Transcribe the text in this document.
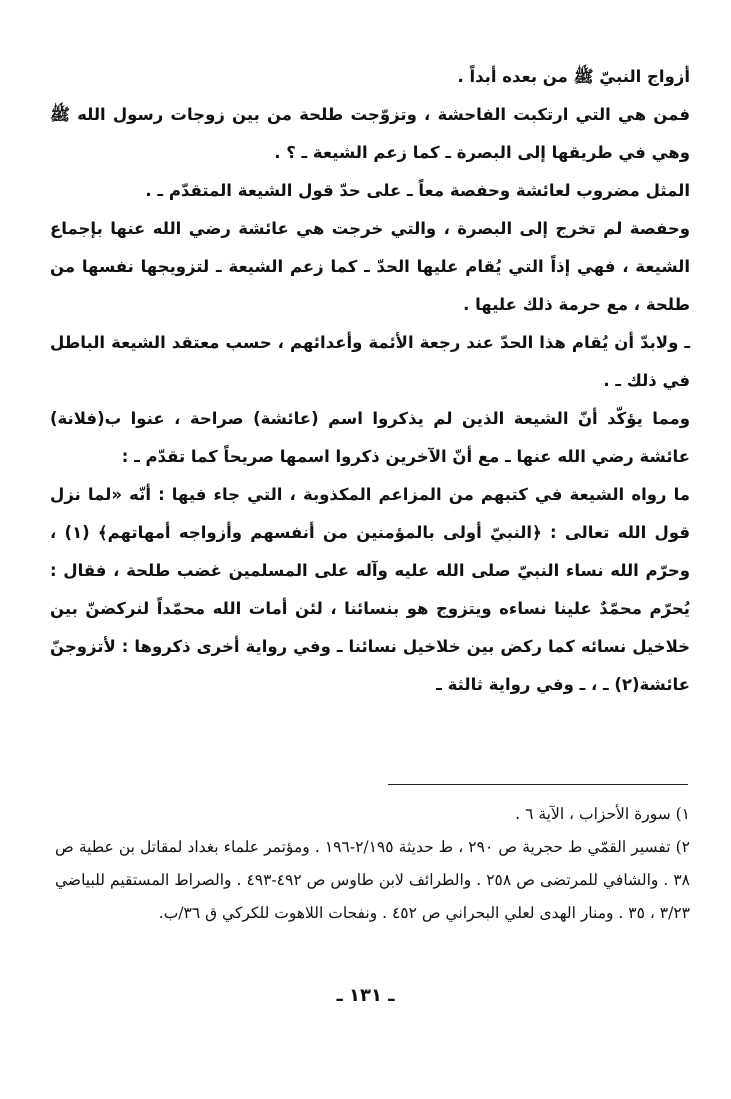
أزواج النبيّ ﷺ من بعده أبداً .

فمن هي التي ارتكبت الفاحشة ، وتزوّجت طلحة من بين زوجات رسول الله ﷺ وهي في طريقها إلى البصرة ـ كما زعم الشيعة ـ ؟ .

المثل مضروب لعائشة وحفصة معاً ـ على حدّ قول الشيعة المتقدّم ـ .

وحفصة لم تخرج إلى البصرة ، والتي خرجت هي عائشة رضي الله عنها بإجماع الشيعة ، فهي إذاً التي يُقام عليها الحدّ ـ كما زعم الشيعة ـ لتزويجها نفسها من طلحة ، مع حرمة ذلك عليها .

ـ ولابدّ أن يُقام هذا الحدّ عند رجعة الأئمة وأعدائهم ، حسب معتقد الشيعة الباطل في ذلك ـ .

ومما يؤكّد أنّ الشيعة الذين لم يذكروا اسم (عائشة) صراحة ، عنوا ب(فلانة) عائشة رضي الله عنها ـ مع أنّ الآخرين ذكروا اسمها صريحاً كما تقدّم ـ :

ما رواه الشيعة في كتبهم من المزاعم المكذوبة ، التي جاء فيها : أنّه «لما نزل قول الله تعالى : ﴿النبيّ أولى بالمؤمنين من أنفسهم وأزواجه أمهاتهم﴾ (١) ، وحرّم الله نساء النبيّ صلى الله عليه وآله على المسلمين غضب طلحة ، فقال : يُحرّم محمّدٌ علينا نساءه ويتزوج هو بنسائنا ، لئن أمات الله محمّداً لنركضنّ بين خلاخيل نسائه كما ركض بين خلاخيل نسائنا ـ وفي رواية أخرى ذكروها : لأتزوجنّ عائشة(٢) ـ ، ـ وفي رواية ثالثة ـ

١) سورة الأحزاب ، الآية ٦ .

٢) تفسير القمّي ط حجرية ص ٢٩٠ ، ط حديثة ٢/١٩٥-١٩٦ . ومؤتمر علماء بغداد لمقاتل بن عطية ص ٣٨ . والشافي للمرتضى ص ٢٥٨ . والطرائف لابن طاوس ص ٤٩٢-٤٩٣ . والصراط المستقيم للبياضي ٣/٢٣ ، ٣٥ . ومنار الهدى لعلي البحراني ص ٤٥٢ . ونفحات اللاهوت للكركي ق ٣٦/ب.

ـ ١٣١ ـ
